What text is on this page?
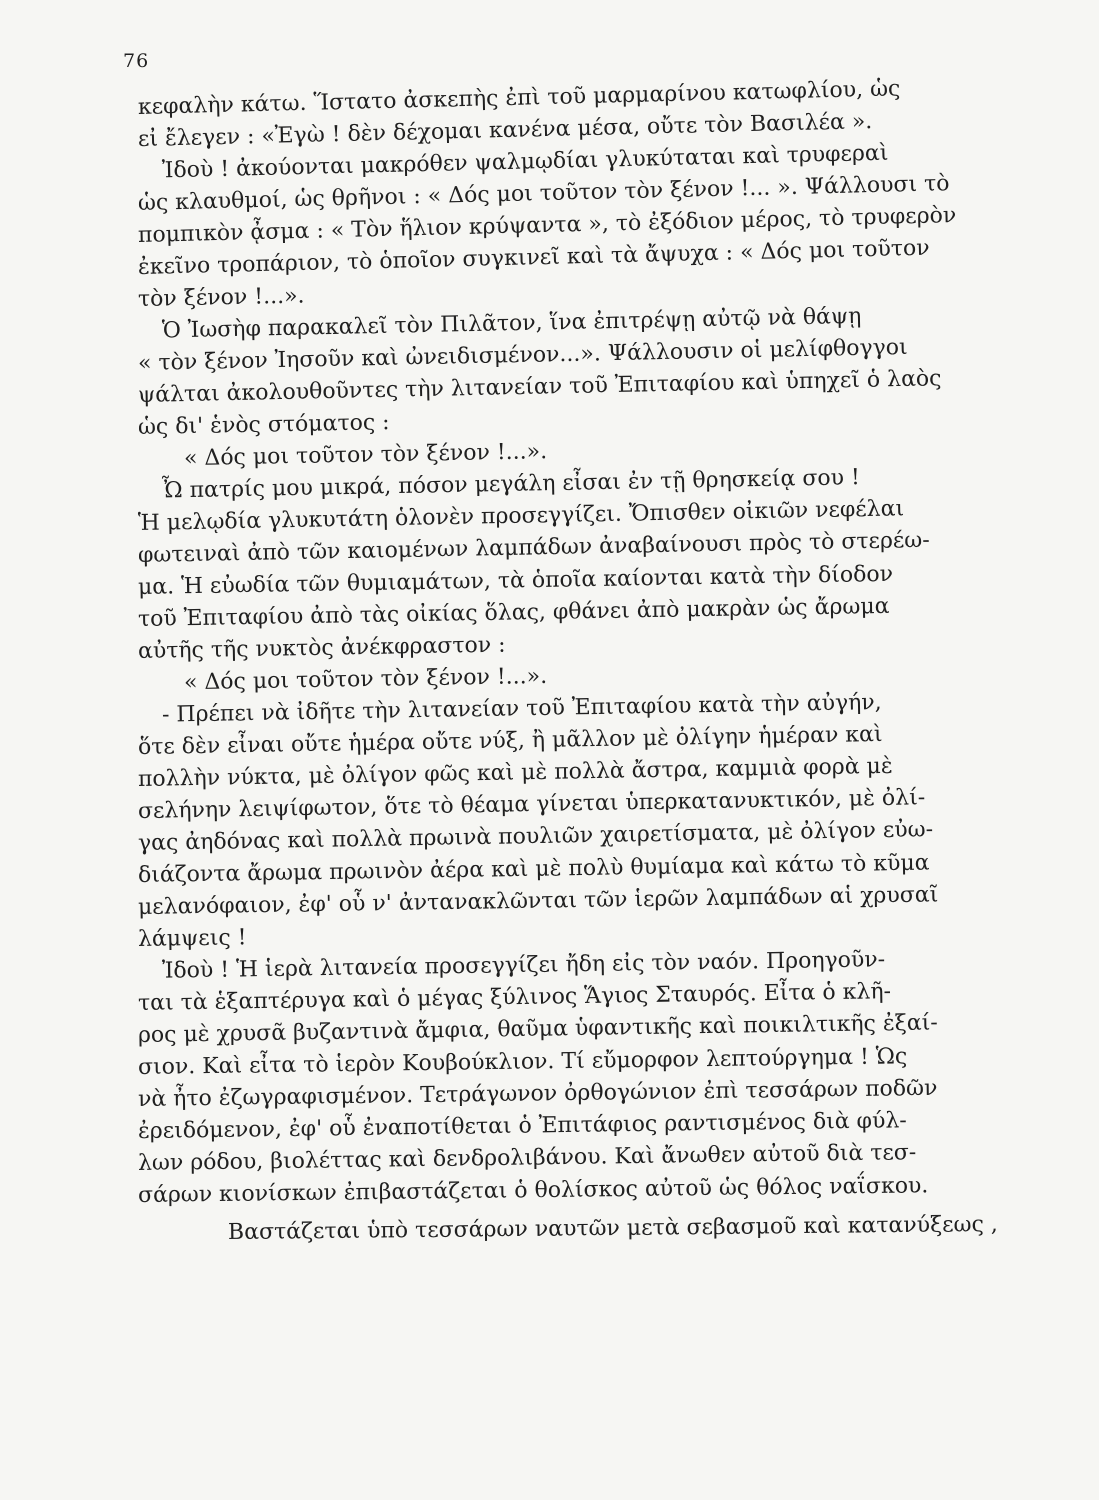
76
κεφαλὴν κάτω. Ἵστατο ἀσκεπὴς ἐπὶ τοῦ μαρμαρίνου κατωφλίου, ὡς
εἰ ἔλεγεν : «Ἐγὼ ! δὲν δέχομαι κανένα μέσα, οὔτε τὸν Βασιλέα ».
Ἰδοὺ ! ἀκούονται μακρόθεν ψαλμῳδίαι γλυκύταται καὶ τρυφεραὶ
ὡς κλαυθμοί, ὡς θρῆνοι : « Δός μοι τοῦτον τὸν ξένον !... ». Ψάλλουσι τὸ
πομπικὸν ᾆσμα : « Τὸν ἥλιον κρύψαντα », τὸ ἐξόδιον μέρος, τὸ τρυφερὸν
ἐκεῖνο τροπάριον, τὸ ὁποῖον συγκινεῖ καὶ τὰ ἄψυχα : « Δός μοι τοῦτον
τὸν ξένον !...».
Ὁ Ἰωσὴφ παρακαλεῖ τὸν Πιλᾶτον, ἵνα ἐπιτρέψῃ αὐτῷ νὰ θάψῃ
« τὸν ξένον Ἰησοῦν καὶ ὠνειδισμένον...». Ψάλλουσιν οἱ μελίφθογγοι
ψάλται ἀκολουθοῦντες τὴν λιτανείαν τοῦ Ἐπιταφίου καὶ ὑπηχεῖ ὁ λαὸς
ὡς δι' ἑνὸς στόματος :
« Δός μοι τοῦτον τὸν ξένον !...».
Ὦ πατρίς μου μικρά, πόσον μεγάλη εἶσαι ἐν τῇ θρησκείᾳ σου !
Ἡ μελῳδία γλυκυτάτη ὁλονὲν προσεγγίζει. Ὄπισθεν οἰκιῶν νεφέλαι
φωτειναὶ ἀπὸ τῶν καιομένων λαμπάδων ἀναβαίνουσι πρὸς τὸ στερέω-
μα. Ἡ εὐωδία τῶν θυμιαμάτων, τὰ ὁποῖα καίονται κατὰ τὴν δίοδον
τοῦ Ἐπιταφίου ἀπὸ τὰς οἰκίας ὅλας, φθάνει ἀπὸ μακρὰν ὡς ἄρωμα
αὐτῆς τῆς νυκτὸς ἀνέκφραστον :
« Δός μοι τοῦτον τὸν ξένον !...».
- Πρέπει νὰ ἰδῆτε τὴν λιτανείαν τοῦ Ἐπιταφίου κατὰ τὴν αὐγήν,
ὅτε δὲν εἶναι οὔτε ἡμέρα οὔτε νύξ, ἢ μᾶλλον μὲ ὀλίγην ἡμέραν καὶ
πολλὴν νύκτα, μὲ ὀλίγον φῶς καὶ μὲ πολλὰ ἄστρα, καμμιὰ φορὰ μὲ
σελήνην λειψίφωτον, ὅτε τὸ θέαμα γίνεται ὑπερκατανυκτικόν, μὲ ὀλί-
γας ἀηδόνας καὶ πολλὰ πρωινὰ πουλιῶν χαιρετίσματα, μὲ ὀλίγον εὐω-
διάζοντα ἄρωμα πρωινὸν ἀέρα καὶ μὲ πολὺ θυμίαμα καὶ κάτω τὸ κῦμα
μελανόφαιον, ἐφ' οὗ ν' ἀντανακλῶνται τῶν ἱερῶν λαμπάδων αἱ χρυσαῖ
λάμψεις !
Ἰδοὺ ! Ἡ ἱερὰ λιτανεία προσεγγίζει ἤδη εἰς τὸν ναόν. Προηγοῦν-
ται τὰ ἑξαπτέρυγα καὶ ὁ μέγας ξύλινος Ἅγιος Σταυρός. Εἶτα ὁ κλῆ-
ρος μὲ χρυσᾶ βυζαντινὰ ἄμφια, θαῦμα ὑφαντικῆς καὶ ποικιλτικῆς ἐξαί-
σιον. Καὶ εἶτα τὸ ἱερὸν Κουβούκλιον. Τί εὔμορφον λεπτούργημα ! Ὡς
νὰ ἦτο ἐζωγραφισμένον. Τετράγωνον ὀρθογώνιον ἐπὶ τεσσάρων ποδῶν
ἐρειδόμενον, ἐφ' οὗ ἐναποτίθεται ὁ Ἐπιτάφιος ραντισμένος διὰ φύλ-
λων ρόδου, βιολέττας καὶ δενδρολιβάνου. Καὶ ἄνωθεν αὐτοῦ διὰ τεσ-
σάρων κιονίσκων ἐπιβαστάζεται ὁ θολίσκος αὐτοῦ ὡς θόλος ναΐσκου.
Βαστάζεται ὑπὸ τεσσάρων ναυτῶν μετὰ σεβασμοῦ καὶ κατανύξεως ,
